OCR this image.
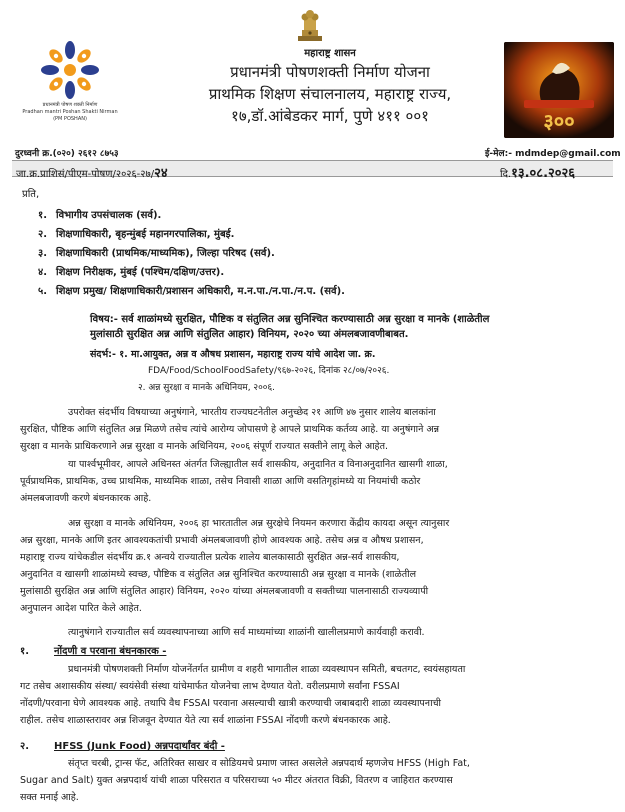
प्रधानमंत्री पोषण शक्ती निर्माण
Pradhan mantri Poshan Shakti Nirman
(PM POSHAN)	३००
महाराष्ट्र शासन
प्रधानमंत्री पोषणशक्ती निर्माण योजना
प्राथमिक शिक्षण संचालनालय, महाराष्ट्र राज्य,
१७,डॉ.आंबेडकर मार्ग, पुणे ४११ ००१
दुरध्वनी क्र.(०२०) २६१२ ८७५३	ई-मेल:- mdmdep@gmail.com
जा.क्र.प्राशिसं/पीएम-पोषण/२०२६-२७/२४	दि.१३.०८.२०२६
प्रति,
१. विभागीय उपसंचालक (सर्व).
२. शिक्षणाधिकारी, बृहन्मुंबई महानगरपालिका, मुंबई.
३. शिक्षणाधिकारी (प्राथमिक/माध्यमिक), जिल्हा परिषद (सर्व).
४. शिक्षण निरीक्षक, मुंबई (पश्चिम/दक्षिण/उत्तर).
५. शिक्षण प्रमुख/ शिक्षणाधिकारी/प्रशासन अधिकारी, म.न.पा./न.पा./न.प. (सर्व).
विषय:- सर्व शाळांमध्ये सुरक्षित, पौष्टिक व संतुलित अन्न सुनिश्चित करण्यासाठी अन्न सुरक्षा व मानके (शाळेतील
मुलांसाठी सुरक्षित अन्न आणि संतुलित आहार) विनियम, २०२० च्या अंमलबजावणीबाबत.
संदर्भ:- १. मा.आयुक्त, अन्न व औषध प्रशासन, महाराष्ट्र राज्य यांचे आदेश जा. क्र.
FDA/Food/SchoolFoodSafety/९६७-२०२६, दिनांक २८/०७/२०२६.
२. अन्न सुरक्षा व मानके अधिनियम, २००६.
उपरोक्त संदर्भीय विषयाच्या अनुषंगाने, भारतीय राज्यघटनेतील अनुच्छेद २१ आणि ४७ नुसार शालेय बालकांना
सुरक्षित, पौष्टिक आणि संतुलित अन्न मिळणे तसेच त्यांचे आरोग्य जोपासणे हे आपले प्राथमिक कर्तव्य आहे. या अनुषंगाने अन्न
सुरक्षा व मानके प्राधिकरणाने अन्न सुरक्षा व मानके अधिनियम, २००६ संपूर्ण राज्यात सक्तीने लागू केले आहेत.
या पार्श्वभूमीवर, आपले अधिनस्त अंतर्गत जिल्ह्यातील सर्व शासकीय, अनुदानित व विनाअनुदानित खासगी शाळा,
पूर्वप्राथमिक, प्राथमिक, उच्च प्राथमिक, माध्यमिक शाळा, तसेच निवासी शाळा आणि वसतिगृहांमध्ये या नियमांची कठोर
अंमलबजावणी करणे बंधनकारक आहे.
अन्न सुरक्षा व मानके अधिनियम, २००६ हा भारतातील अन्न सुरक्षेचे नियमन करणारा केंद्रीय कायदा असून त्यानुसार
अन्न सुरक्षा, मानके आणि इतर आवश्यकतांची प्रभावी अंमलबजावणी होणे आवश्यक आहे. तसेच अन्न व औषध प्रशासन,
महाराष्ट्र राज्य यांचेकडील संदर्भीय क्र.१ अन्वये राज्यातील प्रत्येक शालेय बालकासाठी सुरक्षित अन्न-सर्व शासकीय,
अनुदानित व खासगी शाळांमध्ये स्वच्छ, पौष्टिक व संतुलित अन्न सुनिश्चित करण्यासाठी अन्न सुरक्षा व मानके (शाळेतील
मुलांसाठी सुरक्षित अन्न आणि संतुलित आहार) विनियम, २०२० यांच्या अंमलबजावणी व सक्तीच्या पालनासाठी राज्यव्यापी
अनुपालन आदेश पारित केले आहेत.
त्यानुषंगाने राज्यातील सर्व व्यवस्थापनाच्या आणि सर्व माध्यमांच्या शाळांनी खालीलप्रमाणे कार्यवाही करावी.
१.	नोंदणी व परवाना बंधनकारक -
प्रधानमंत्री पोषणशक्ती निर्माण योजनेंतर्गत ग्रामीण व शहरी भागातील शाळा व्यवस्थापन समिती, बचतगट, स्वयंसहायता
गट तसेच अशासकीय संस्था/ स्वयंसेवी संस्था यांचेमार्फत योजनेचा लाभ देण्यात येतो. वरीलप्रमाणे सर्वांना FSSAI
नोंदणी/परवाना घेणे आवश्यक आहे. तथापि वैध FSSAI परवाना असल्याची खात्री करण्याची जबाबदारी शाळा व्यवस्थापनाची
राहील. तसेच शाळास्तरावर अन्न शिजवून देण्यात येते त्या सर्व शाळांना FSSAI नोंदणी करणे बंधनकारक आहे.
२.	HFSS (Junk Food) अन्नपदार्थांवर बंदी -
संतृप्त चरबी, ट्रान्स फॅट, अतिरिक्त साखर व सोडियमचे प्रमाण जास्त असलेले अन्नपदार्थ म्हणजेच HFSS (High Fat,
Sugar and Salt) युक्त अन्नपदार्थ यांची शाळा परिसरात व परिसराच्या ५० मीटर अंतरात विक्री, वितरण व जाहिरात करण्यास
सक्त मनाई आहे.
